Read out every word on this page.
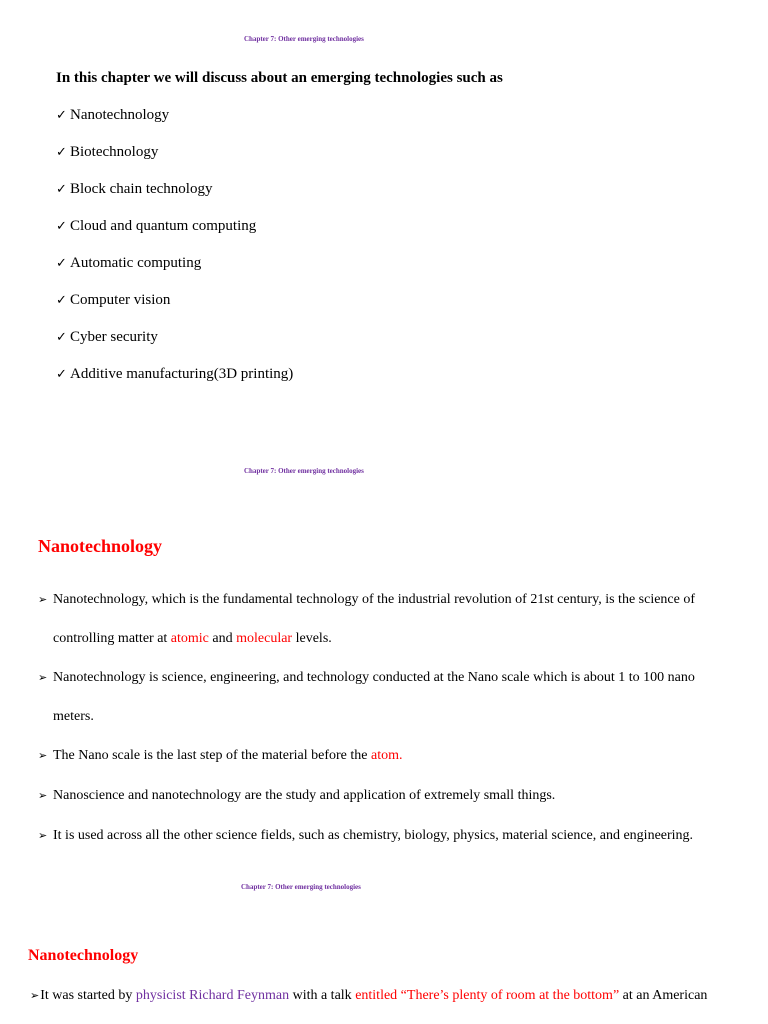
Chapter 7: Other emerging technologies
In this chapter we will discuss about an emerging technologies such as
✓ Nanotechnology
✓ Biotechnology
✓ Block chain technology
✓ Cloud and quantum computing
✓ Automatic computing
✓ Computer vision
✓ Cyber security
✓ Additive manufacturing(3D printing)
Chapter 7: Other emerging technologies
Nanotechnology
➢ Nanotechnology, which is the fundamental technology of the industrial revolution of 21st century, is the science of
controlling matter at atomic and molecular levels.
➢ Nanotechnology is science, engineering, and technology conducted at the Nano scale which is about 1 to 100 nano
meters.
➢ The Nano scale is the last step of the material before the atom.
➢ Nanoscience and nanotechnology are the study and application of extremely small things.
➢ It is used across all the other science fields, such as chemistry, biology, physics, material science, and engineering.
Chapter 7: Other emerging technologies
Nanotechnology
➢It was started by physicist Richard Feynman with a talk entitled “There’s plenty of room at the bottom” at an American
